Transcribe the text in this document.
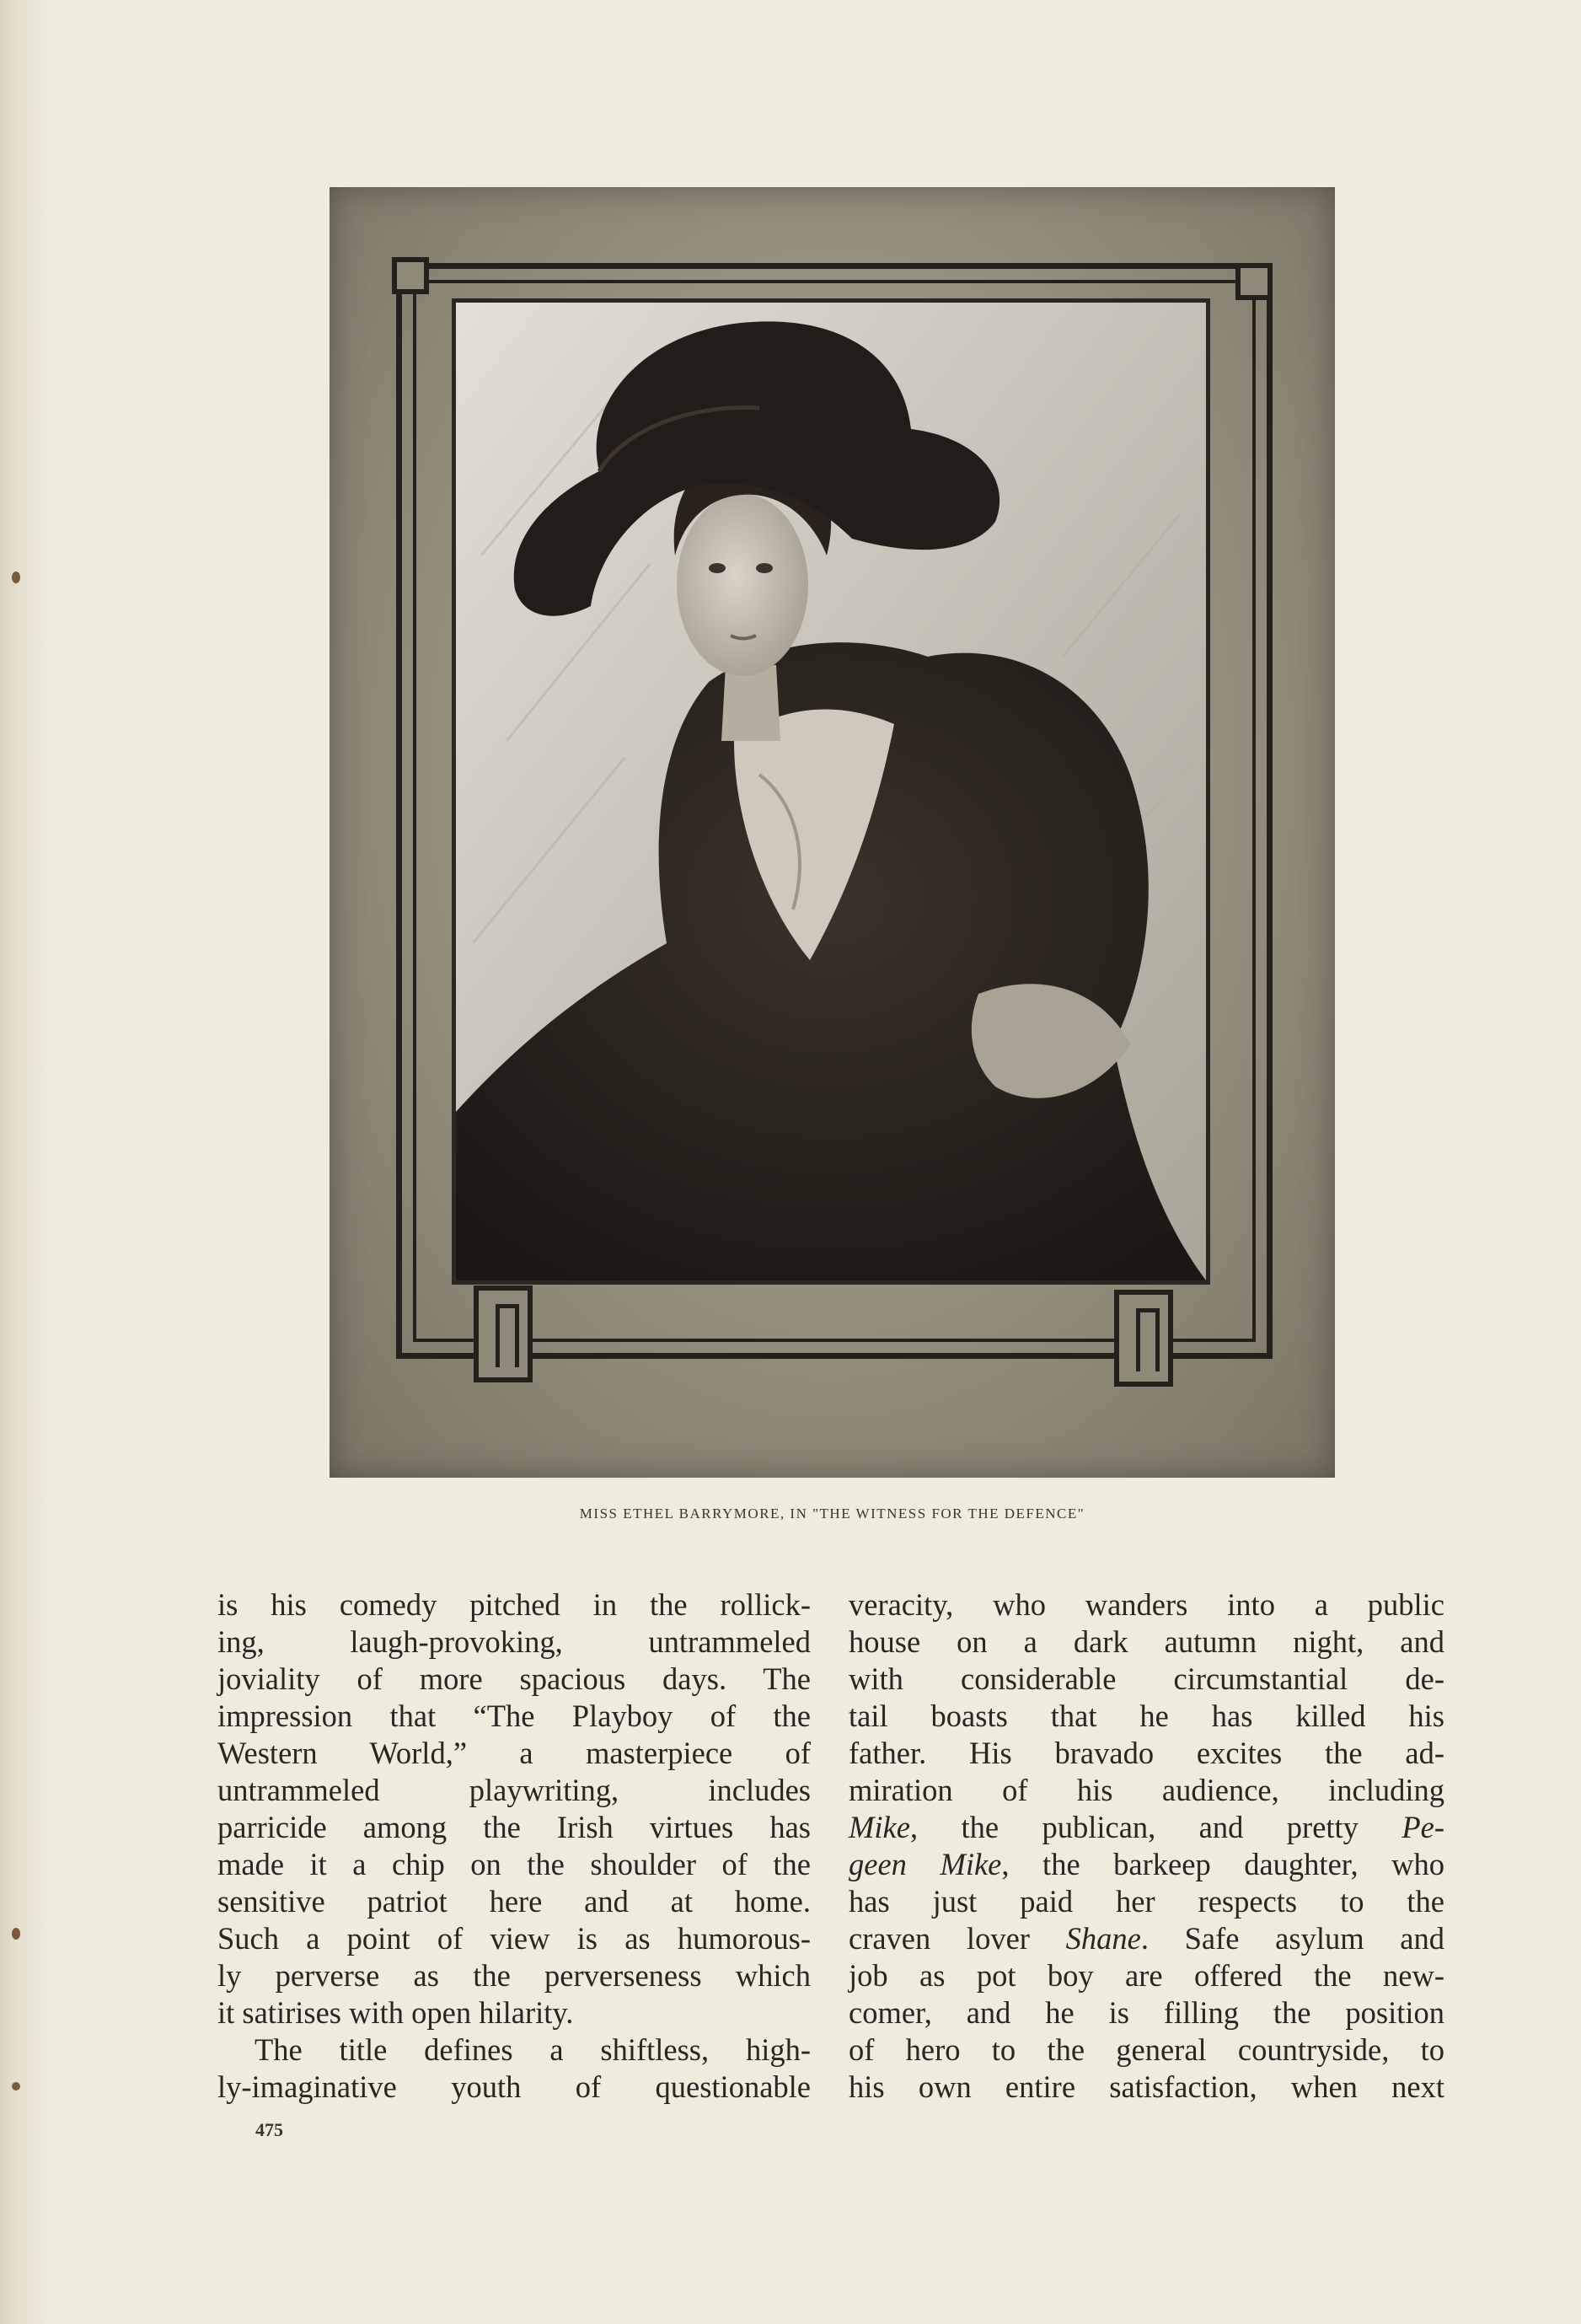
MISS ETHEL BARRYMORE, IN "THE WITNESS FOR THE DEFENCE"
is his comedy pitched in the rollick-
ing, laugh-provoking, untrammeled
joviality of more spacious days. The
impression that “The Playboy of the
Western World,” a masterpiece of
untrammeled playwriting, includes
parricide among the Irish virtues has
made it a chip on the shoulder of the
sensitive patriot here and at home.
Such a point of view is as humorous-
ly perverse as the perverseness which
it satirises with open hilarity.
The title defines a shiftless, high-
ly-imaginative youth of questionable
veracity, who wanders into a public
house on a dark autumn night, and
with considerable circumstantial de-
tail boasts that he has killed his
father. His bravado excites the ad-
miration of his audience, including
Mike, the publican, and pretty Pe-
geen Mike, the barkeep daughter, who
has just paid her respects to the
craven lover Shane. Safe asylum and
job as pot boy are offered the new-
comer, and he is filling the position
of hero to the general countryside, to
his own entire satisfaction, when next
475
